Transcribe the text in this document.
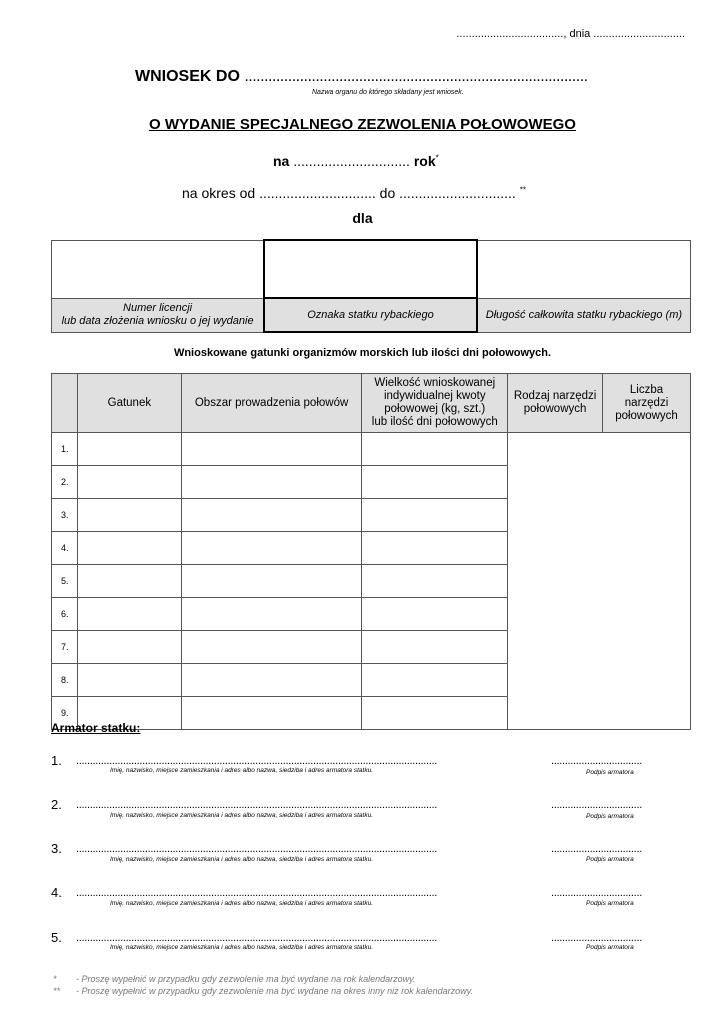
..................................., dnia ..............................
WNIOSEK DO .......................................................................................
Nazwa organu do którego składany jest wniosek.
O WYDANIE SPECJALNEGO ZEZWOLENIA POŁOWOWEGO
na .............................. rok*
na okres od .............................. do .............................. **
dla

Numer licencji
lub data złożenia wniosku o jej wydanie	Oznaka statku rybackiego	Długość całkowita statku rybackiego (m)
Wnioskowane gatunki organizmów morskich lub ilości dni połowowych.
	Gatunek	Obszar prowadzenia połowów	Wielkość wnioskowanej
indywidualnej kwoty
połowowej (kg, szt.)
lub ilość dni połowowych	Rodzaj narzędzi
połowowych	Liczba
narzędzi
połowowych
1.					
2.					
3.					
4.					
5.					
6.					
7.					
8.					
9.					
Armator statku:
1. ...................................................................................................................................
Imię, nazwisko, miejsce zamieszkania i adres albo nazwa, siedziba i adres armatora statku.
.................................
Podpis armatora
2. ...................................................................................................................................
Imię, nazwisko, miejsce zamieszkania i adres albo nazwa, siedziba i adres armatora statku.
.................................
Podpis armatora
3. ...................................................................................................................................
Imię, nazwisko, miejsce zamieszkania i adres albo nazwa, siedziba i adres armatora statku.
.................................
Podpis armatora
4. ...................................................................................................................................
Imię, nazwisko, miejsce zamieszkania i adres albo nazwa, siedziba i adres armatora statku.
.................................
Podpis armatora
5. ...................................................................................................................................
Imię, nazwisko, miejsce zamieszkania i adres albo nazwa, siedziba i adres armatora statku.
.................................
Podpis armatora
* - Proszę wypełnić w przypadku gdy zezwolenie ma być wydane na rok kalendarzowy.
** - Proszę wypełnić w przypadku gdy zezwolenie ma być wydane na okres inny niż rok kalendarzowy.
